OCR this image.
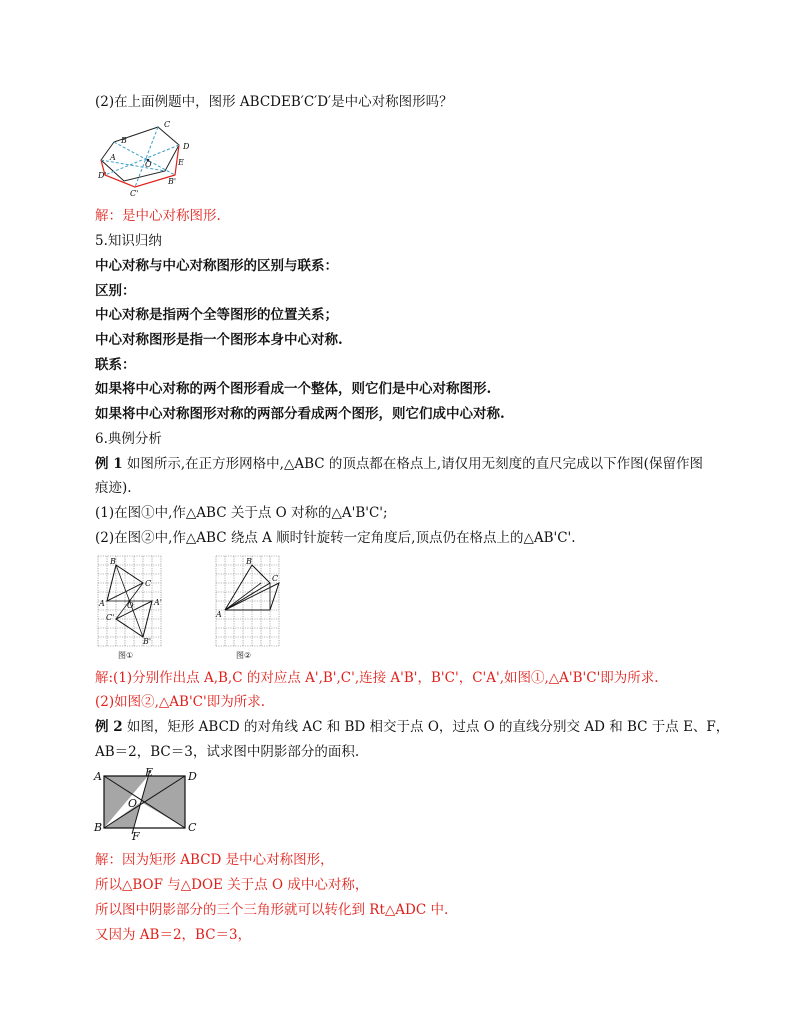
(2)在上面例题中，图形 ABCDEB′C′D′是中心对称图形吗？
B
C
D
E
A
O
D'
C'
B'
解：是中心对称图形.
5.知识归纳
中心对称与中心对称图形的区别与联系：
区别：
中心对称是指两个全等图形的位置关系；
中心对称图形是指一个图形本身中心对称.
联系：
如果将中心对称的两个图形看成一个整体，则它们是中心对称图形.
如果将中心对称图形对称的两部分看成两个图形，则它们成中心对称.
6.典例分析
例 1 如图所示,在正方形网格中,△ABC 的顶点都在格点上,请仅用无刻度的直尺完成以下作图(保留作图
痕迹).
(1)在图①中,作△ABC 关于点 O 对称的△A'B'C';
(2)在图②中,作△ABC 绕点 A 顺时针旋转一定角度后,顶点仍在格点上的△AB'C'.
B
C
A	O
C'
A'
B'
图①
B
C
A
图②
解:(1)分别作出点 A,B,C 的对应点 A',B',C',连接 A'B'，B'C'，C'A',如图①,△A'B'C'即为所求.
(2)如图②,△AB'C'即为所求.
例 2 如图，矩形 ABCD 的对角线 AC 和 BD 相交于点 O，过点 O 的直线分别交 AD 和 BC 于点 E、F，
AB＝2，BC＝3，试求图中阴影部分的面积.
A	E	D
O
B
F
C
解：因为矩形 ABCD 是中心对称图形，
所以△BOF 与△DOE 关于点 O 成中心对称，
所以图中阴影部分的三个三角形就可以转化到 Rt△ADC 中.
又因为 AB＝2，BC＝3，
